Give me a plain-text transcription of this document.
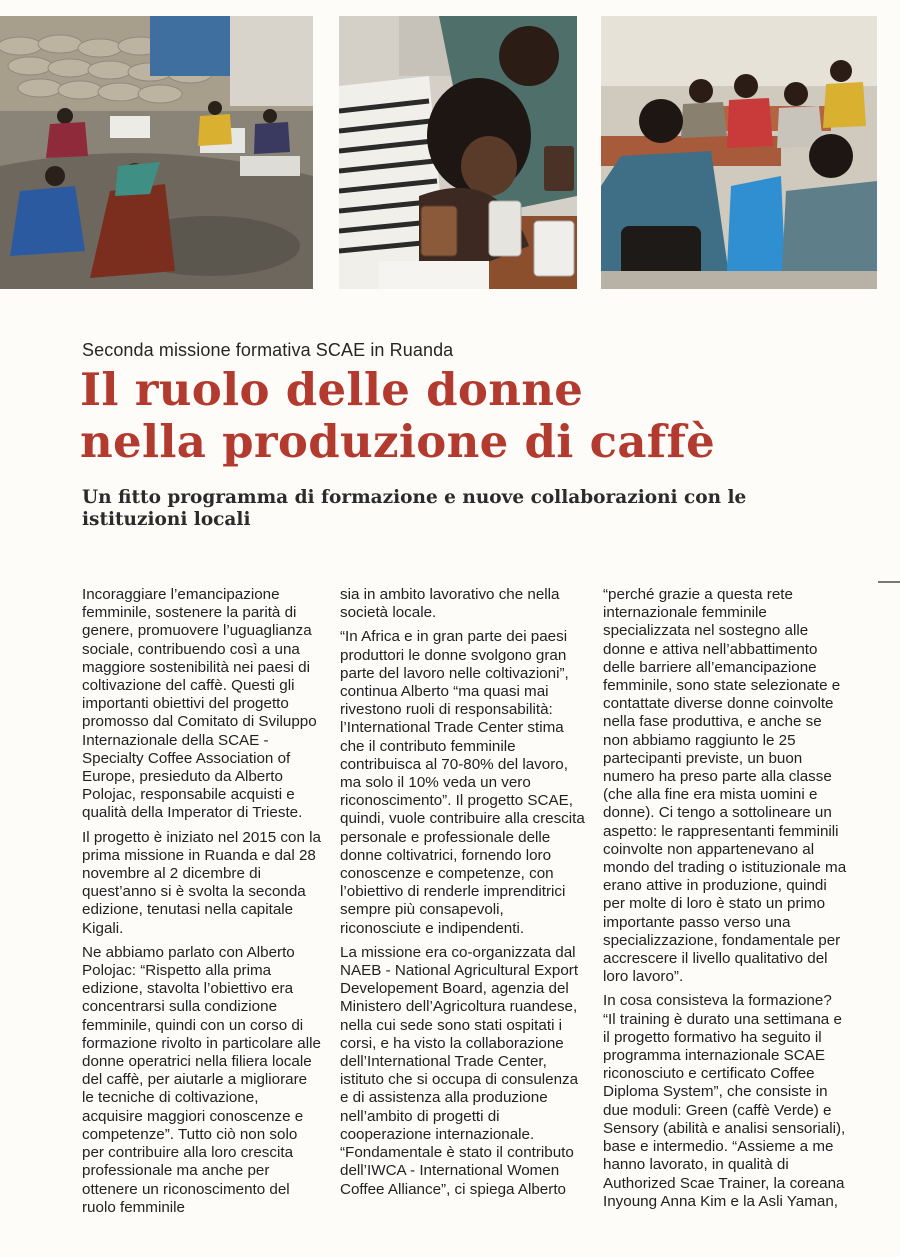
Seconda missione formativa SCAE in Ruanda
Il ruolo delle donne
nella produzione di caffè
Un fitto programma di formazione e nuove collaborazioni con le istituzioni locali

Incoraggiare l’emancipazione femminile, sostenere la parità di genere, promuovere l’uguaglianza sociale, contribuendo così a una maggiore sostenibilità nei paesi di coltivazione del caffè. Questi gli importanti obiettivi del progetto promosso dal Comitato di Sviluppo Internazionale della SCAE - Specialty Coffee Association of Europe, presieduto da Alberto Polojac, responsabile acquisti e qualità della Imperator di Trieste.

Il progetto è iniziato nel 2015 con la prima missione in Ruanda e dal 28 novembre al 2 dicembre di quest’anno si è svolta la seconda edizione, tenutasi nella capitale Kigali.

Ne abbiamo parlato con Alberto Polojac: “Rispetto alla prima edizione, stavolta l’obiettivo era concentrarsi sulla condizione femminile, quindi con un corso di formazione rivolto in particolare alle donne operatrici nella filiera locale del caffè, per aiutarle a migliorare le tecniche di coltivazione, acquisire maggiori conoscenze e competenze”. Tutto ciò non solo per contribuire alla loro crescita professionale ma anche per ottenere un riconoscimento del ruolo femminile

sia in ambito lavorativo che nella società locale.

“In Africa e in gran parte dei paesi produttori le donne svolgono gran parte del lavoro nelle coltivazioni”, continua Alberto “ma quasi mai rivestono ruoli di responsabilità: l’International Trade Center stima che il contributo femminile contribuisca al 70-80% del lavoro, ma solo il 10% veda un vero riconoscimento”. Il progetto SCAE, quindi, vuole contribuire alla crescita personale e professionale delle donne coltivatrici, fornendo loro conoscenze e competenze, con l’obiettivo di renderle imprenditrici sempre più consapevoli, riconosciute e indipendenti.

La missione era co-organizzata dal NAEB - National Agricultural Export Developement Board, agenzia del Ministero dell’Agricoltura ruandese, nella cui sede sono stati ospitati i corsi, e ha visto la collaborazione dell’International Trade Center, istituto che si occupa di consulenza e di assistenza alla produzione nell’ambito di progetti di cooperazione internazionale. “Fondamentale è stato il contributo dell’IWCA - International Women Coffee Alliance”, ci spiega Alberto

“perché grazie a questa rete internazionale femminile specializzata nel sostegno alle donne e attiva nell’abbattimento delle barriere all’emancipazione femminile, sono state selezionate e contattate diverse donne coinvolte nella fase produttiva, e anche se non abbiamo raggiunto le 25 partecipanti previste, un buon numero ha preso parte alla classe (che alla fine era mista uomini e donne). Ci tengo a sottolineare un aspetto: le rappresentanti femminili coinvolte non appartenevano al mondo del trading o istituzionale ma erano attive in produzione, quindi per molte di loro è stato un primo importante passo verso una specializzazione, fondamentale per accrescere il livello qualitativo del loro lavoro”.

In cosa consisteva la formazione? “Il training è durato una settimana e il progetto formativo ha seguito il programma internazionale SCAE riconosciuto e certificato Coffee Diploma System”, che consiste in due moduli: Green (caffè Verde) e Sensory (abilità e analisi sensoriali), base e intermedio. “Assieme a me hanno lavorato, in qualità di Authorized Scae Trainer, la coreana Inyoung Anna Kim e la Asli Yaman,
